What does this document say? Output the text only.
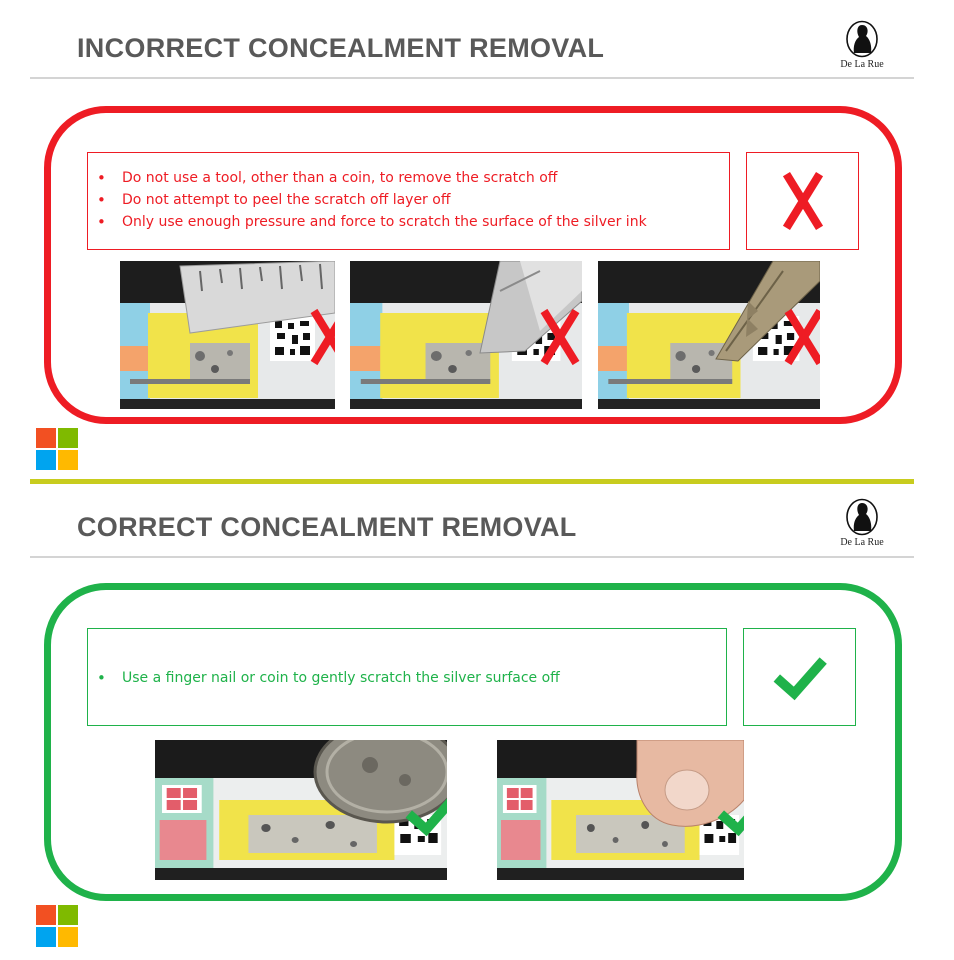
INCORRECT CONCEALMENT REMOVAL
De La Rue
• Do not use a tool, other than a coin, to remove the scratch off
• Do not attempt to peel the scratch off layer off
• Only use enough pressure and force to scratch the surface of the silver ink
CORRECT CONCEALMENT REMOVAL
De La Rue
• Use a finger nail or coin to gently scratch the silver surface off
